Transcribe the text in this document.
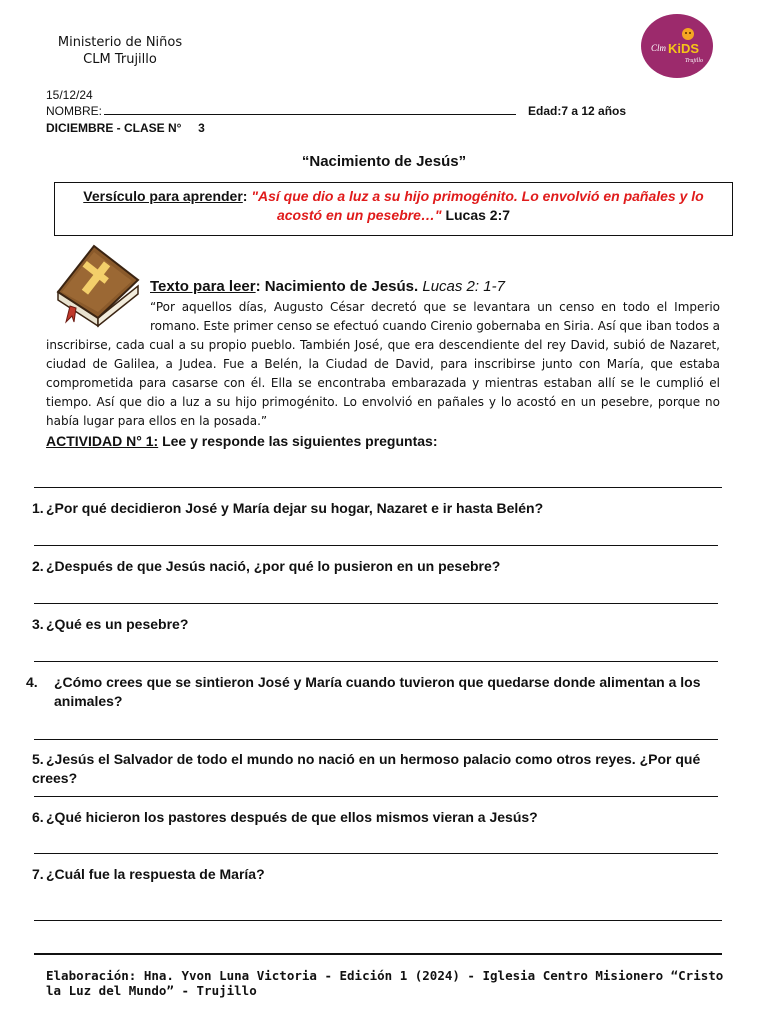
Ministerio de Niños
CLM Trujillo
Clm KiDS
Trujillo
15/12/24
NOMBRE:	Edad:7 a 12 años
DICIEMBRE - CLASE N°     3
“Nacimiento de Jesús”
Versículo para aprender: "Así que dio a luz a su hijo primogénito. Lo envolvió en pañales y lo acostó en un pesebre…" Lucas 2:7
Texto para leer: Nacimiento de Jesús. Lucas 2: 1-7
“Por aquellos días, Augusto César decretó que se levantara un censo en todo el Imperio romano. Este primer censo se efectuó cuando Cirenio gobernaba en Siria. Así que iban todos a inscribirse, cada cual a su propio pueblo. También José, que era descendiente del rey David, subió de Nazaret, ciudad de Galilea, a Judea. Fue a Belén, la Ciudad de David, para inscribirse junto con María, que estaba comprometida para casarse con él. Ella se encontraba embarazada y mientras estaban allí se le cumplió el tiempo. Así que dio a luz a su hijo primogénito. Lo envolvió en pañales y lo acostó en un pesebre, porque no había lugar para ellos en la posada.”
ACTIVIDAD N° 1: Lee y responde las siguientes preguntas:
1. ¿Por qué decidieron José y María dejar su hogar, Nazaret e ir hasta Belén?
2. ¿Después de que Jesús nació, ¿por qué lo pusieron en un pesebre?
3. ¿Qué es un pesebre?
4. ¿Cómo crees que se sintieron José y María cuando tuvieron que quedarse donde alimentan a los animales?
5. ¿Jesús el Salvador de todo el mundo no nació en un hermoso palacio como otros reyes. ¿Por qué crees?
6. ¿Qué hicieron los pastores después de que ellos mismos vieran a Jesús?
7. ¿Cuál fue la respuesta de María?
Elaboración: Hna. Yvon Luna Victoria - Edición 1 (2024) - Iglesia Centro Misionero “Cristo la Luz del Mundo” - Trujillo
